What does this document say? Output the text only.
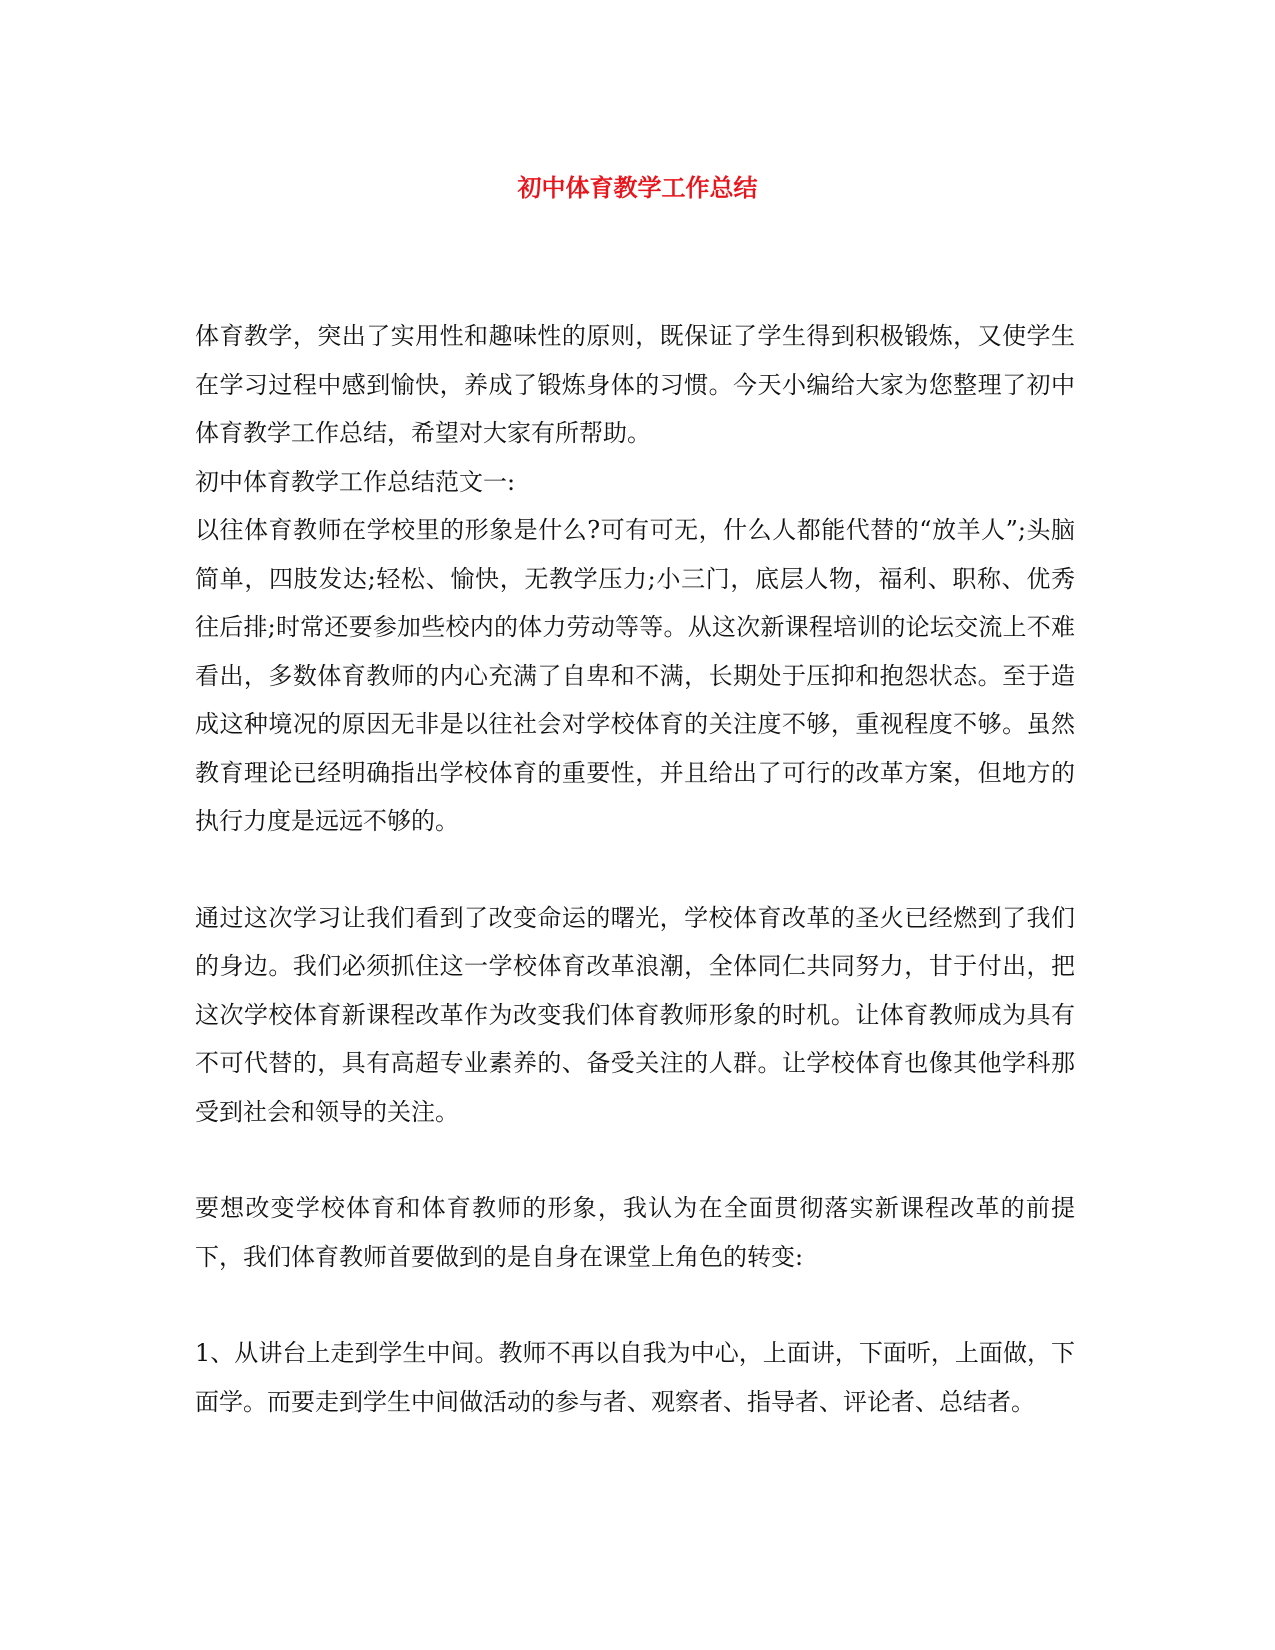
初中体育教学工作总结

体育教学，突出了实用性和趣味性的原则，既保证了学生得到积极锻炼，又使学生在学习过程中感到愉快，养成了锻炼身体的习惯。今天小编给大家为您整理了初中体育教学工作总结，希望对大家有所帮助。

初中体育教学工作总结范文一:

以往体育教师在学校里的形象是什么?可有可无，什么人都能代替的“放羊人”;头脑简单，四肢发达;轻松、愉快，无教学压力;小三门，底层人物，福利、职称、优秀往后排;时常还要参加些校内的体力劳动等等。从这次新课程培训的论坛交流上不难看出，多数体育教师的内心充满了自卑和不满，长期处于压抑和抱怨状态。至于造成这种境况的原因无非是以往社会对学校体育的关注度不够，重视程度不够。虽然教育理论已经明确指出学校体育的重要性，并且给出了可行的改革方案，但地方的执行力度是远远不够的。

通过这次学习让我们看到了改变命运的曙光，学校体育改革的圣火已经燃到了我们的身边。我们必须抓住这一学校体育改革浪潮，全体同仁共同努力，甘于付出，把这次学校体育新课程改革作为改变我们体育教师形象的时机。让体育教师成为具有不可代替的，具有高超专业素养的、备受关注的人群。让学校体育也像其他学科那受到社会和领导的关注。

要想改变学校体育和体育教师的形象，我认为在全面贯彻落实新课程改革的前提下，我们体育教师首要做到的是自身在课堂上角色的转变:

1、从讲台上走到学生中间。教师不再以自我为中心，上面讲，下面听，上面做，下面学。而要走到学生中间做活动的参与者、观察者、指导者、评论者、总结者。
